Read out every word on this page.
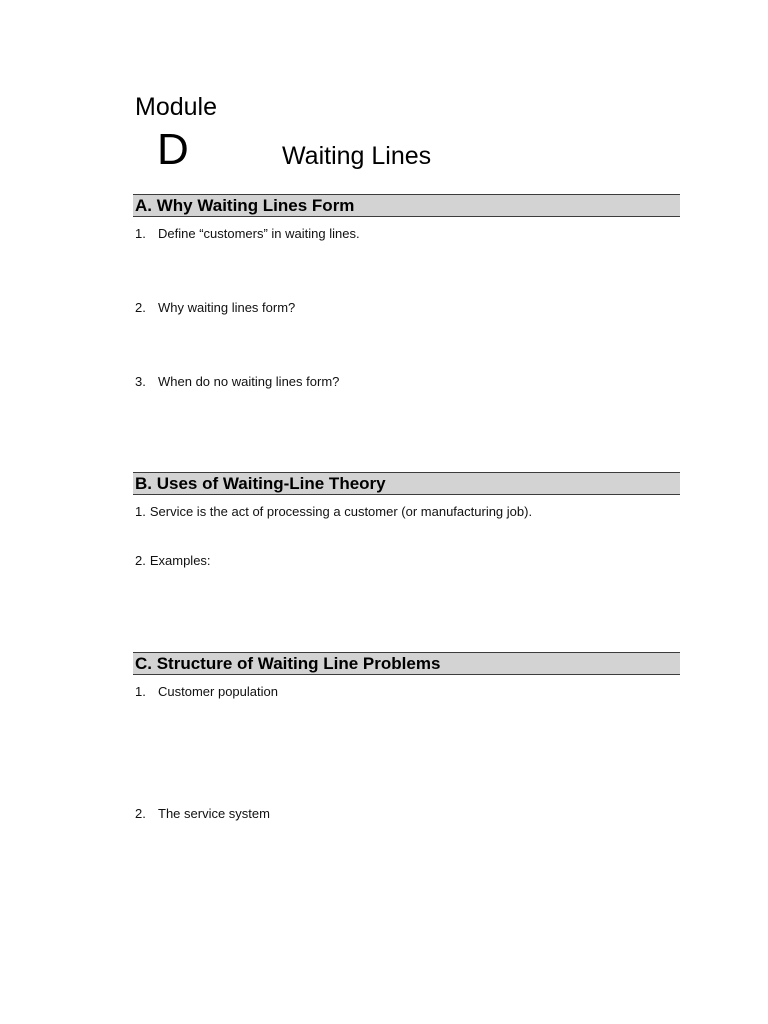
Module
D	Waiting Lines
A. Why Waiting Lines Form
1. Define “customers” in waiting lines.
2. Why waiting lines form?
3. When do no waiting lines form?
B. Uses of Waiting-Line Theory
1. Service is the act of processing a customer (or manufacturing job).
2. Examples:
C. Structure of Waiting Line Problems
1. Customer population
2. The service system
